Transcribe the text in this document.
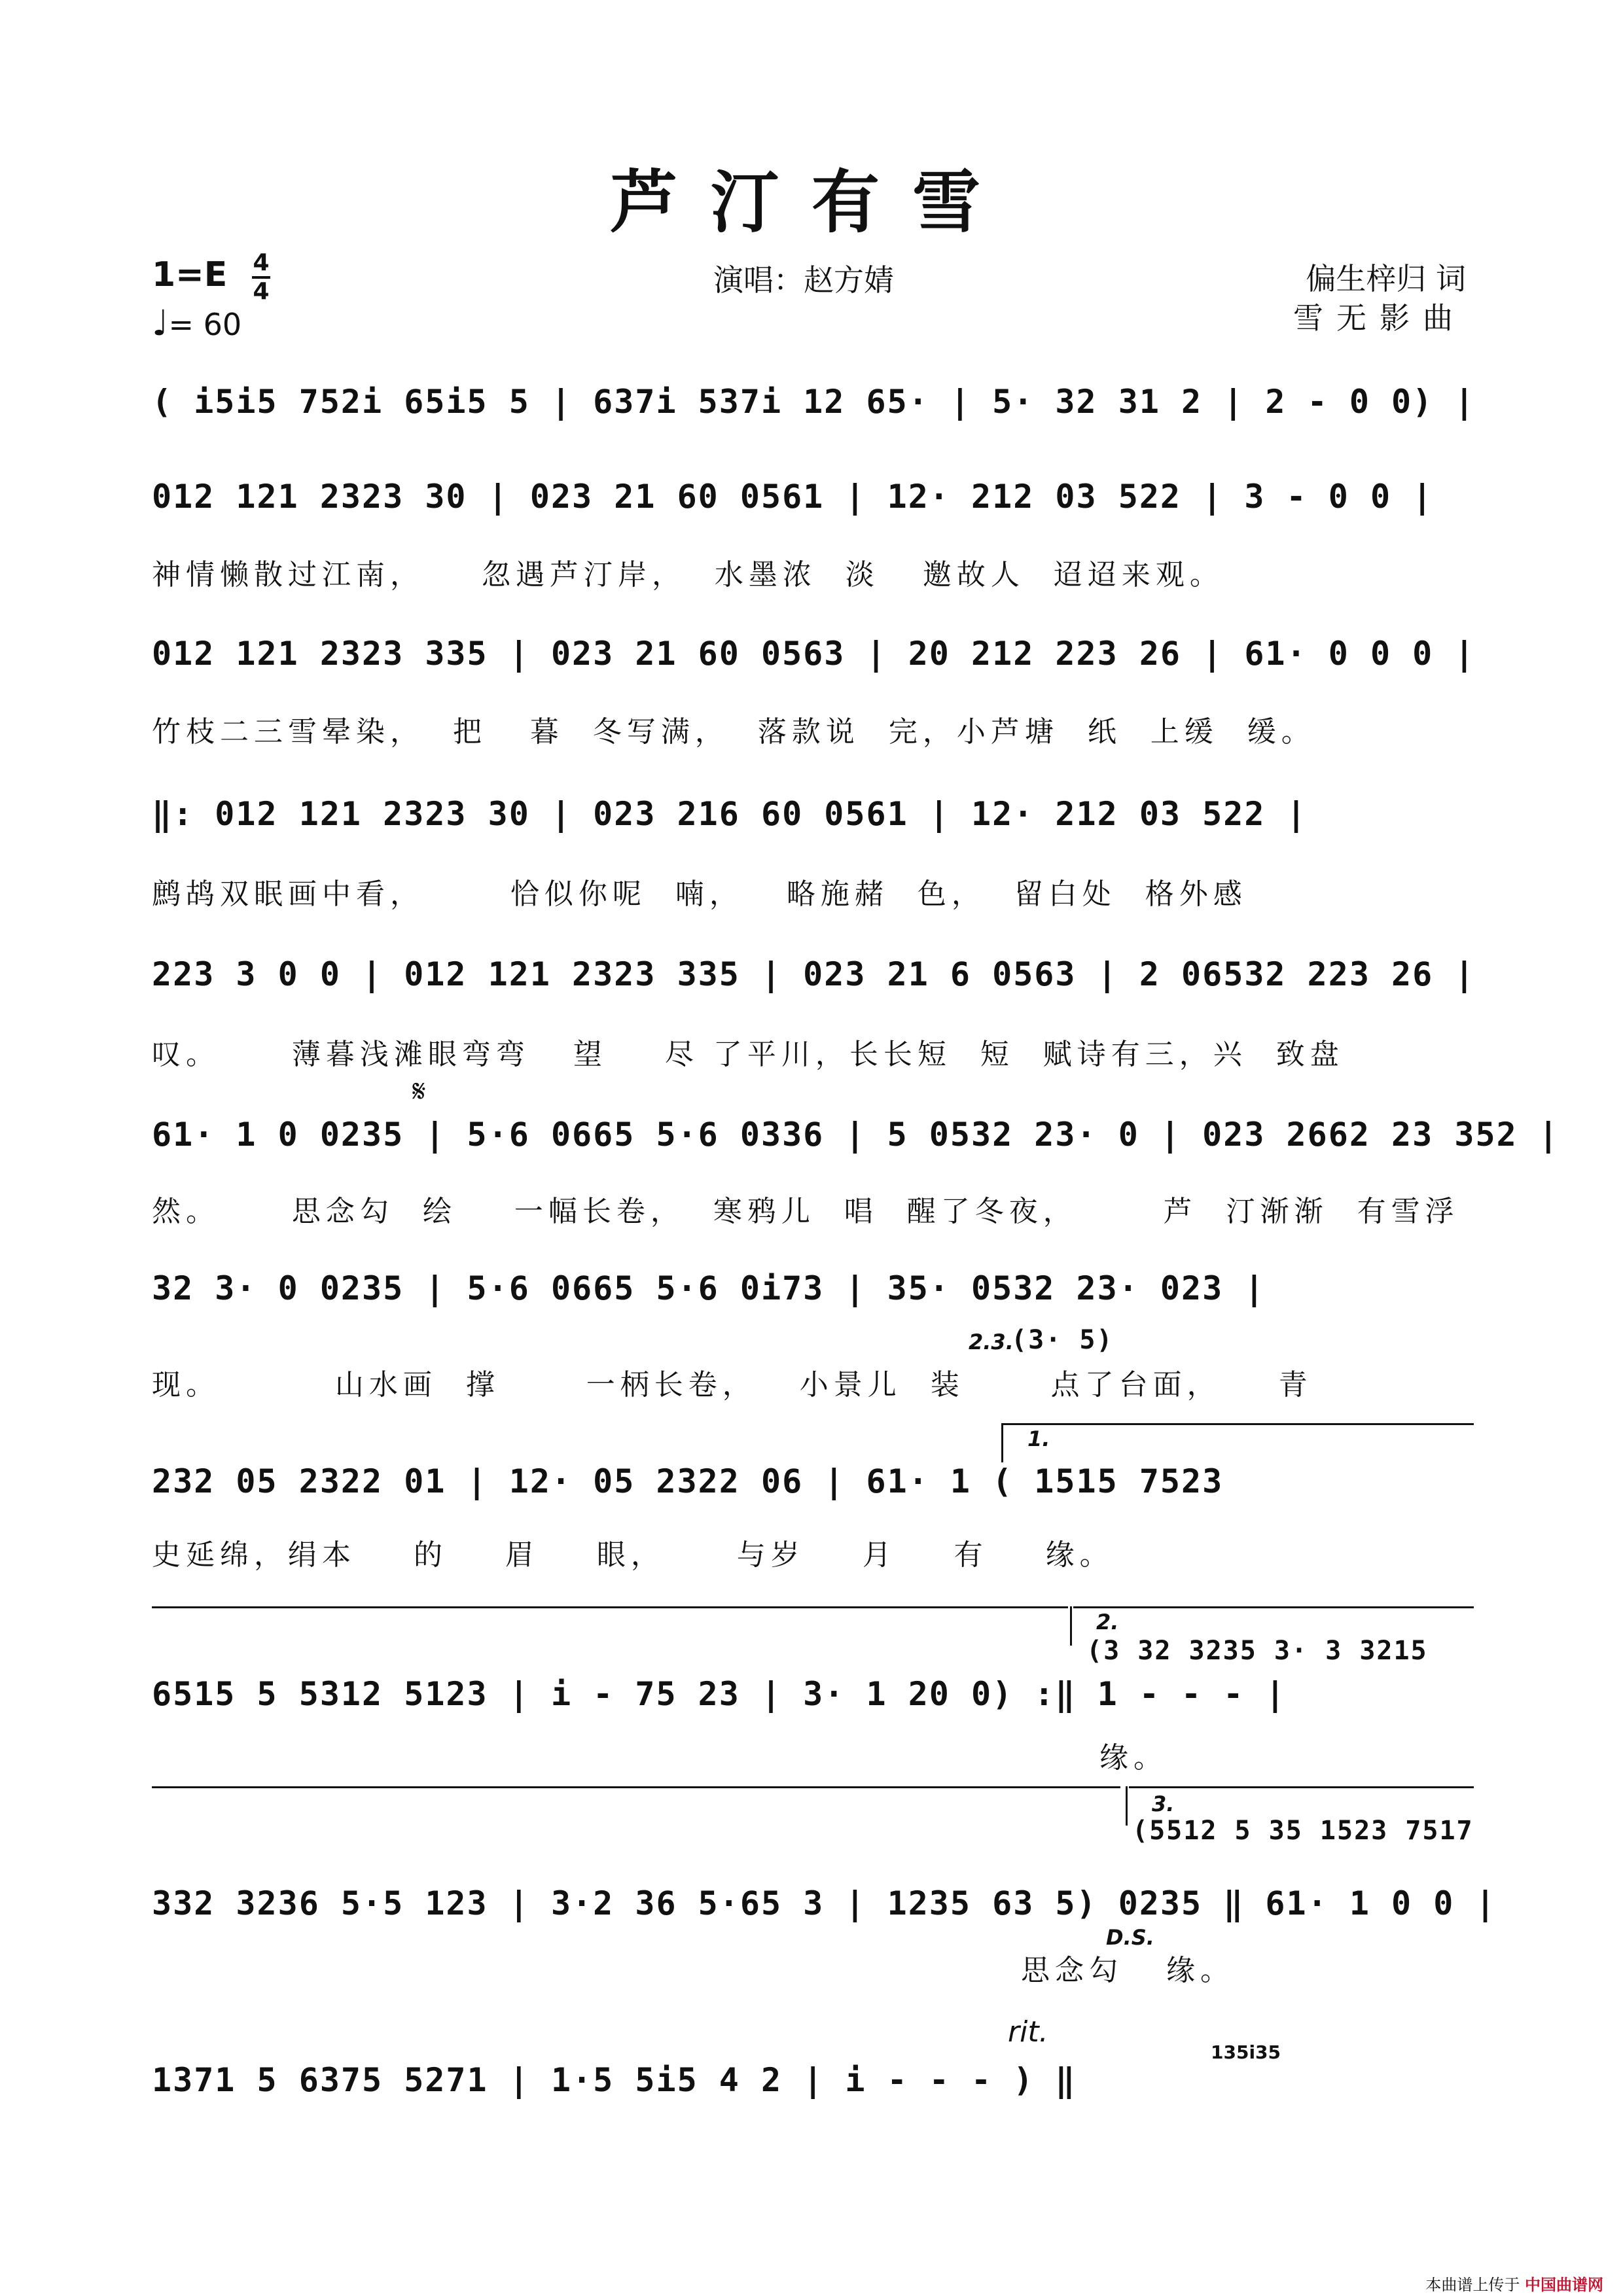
芦汀有雪
1=E 4
4
♩= 60
演唱：赵方婧	偏生梓归 词
雪无影曲
( i5i5 752i 65i5 5 | 637i 537i 12 65· | 5· 32 31 2 | 2 - 0 0) |
012 121 2323 30 | 023 21 60 0561 | 12· 212 03 522 | 3 - 0 0 |
神情懒散过江南，    忽遇芦汀岸，  水墨浓  淡   邀故人  迢迢来观。
012 121 2323 335 | 023 21 60 0563 | 20 212 223 26 | 61· 0 0 0 |
竹枝二三雪晕染，  把   暮  冬写满，  落款说  完，小芦塘  纸  上缓  缓。
‖: 012 121 2323 30 | 023 216 60 0561 | 12· 212 03 522 |
鹧鸪双眠画中看，      恰似你呢  喃，   略施赭  色，  留白处  格外感
223 3 0 0 | 012 121 2323 335 | 023 21 6 0563 | 2 06532 223 26 |
叹。     薄暮浅滩眼弯弯   望    尽 了平川，长长短  短  赋诗有三，兴  致盘
𝄋
61· 1 0 0235 | 5·6 0665 5·6 0336 | 5 0532 23· 0 | 023 2662 23 352 |
然。     思念勾  绘    一幅长卷，  寒鸦儿  唱  醒了冬夜，      芦  汀渐渐  有雪浮
32 3· 0 0235 | 5·6 0665 5·6 0i73 | 35· 0532 23· 023 |
2.3.
(3· 5)
现。        山水画  撑      一柄长卷，   小景儿  装      点了台面，    青
1.
232 05 2322 01 | 12· 05 2322 06 | 61· 1 ( 1515 7523
史延绵，绢本    的    眉    眼，     与岁    月    有    缘。
2.
(3 32 3235 3· 3 3215
6515 5 5312 5123 | i - 75 23 | 3· 1 20 0) :‖ 1 - - - |
缘。
3.
(5512 5 35 1523 7517
332 3236 5·5 123 | 3·2 36 5·65 3 | 1235 63 5) 0235 ‖ 61· 1 0 0 |
D.S.
思念勾   缘。
rit.
135i35
1371 5 6375 5271 | 1·5 5i5 4 2 | i - - - ) ‖
本曲谱上传于 中国曲谱网
